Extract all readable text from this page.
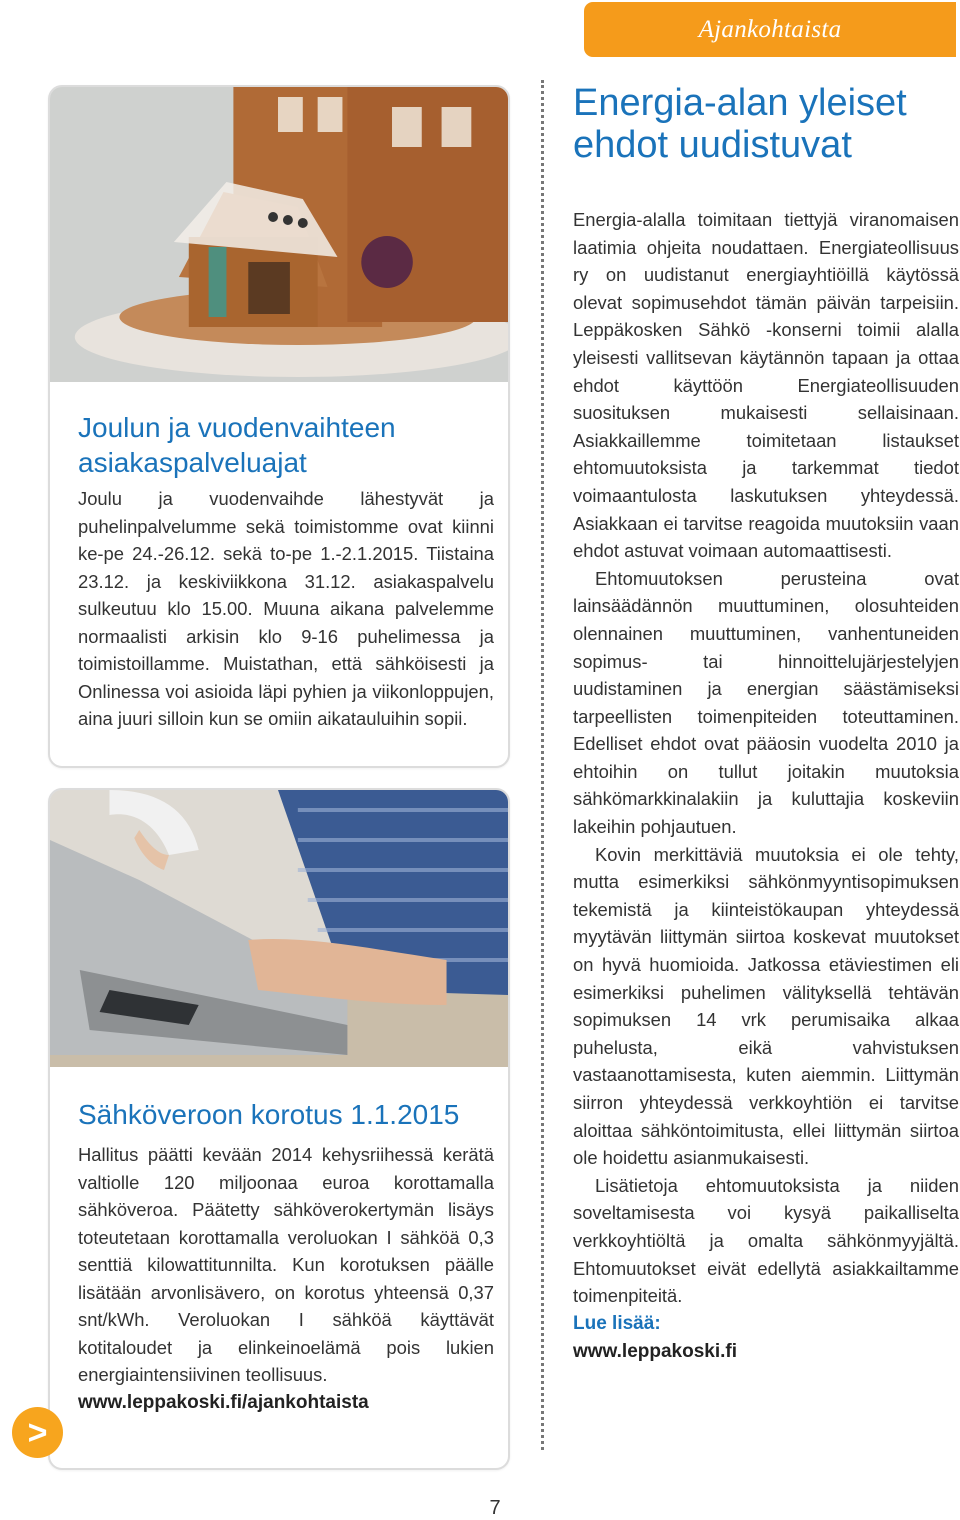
Ajankohtaista
Joulun ja vuodenvaihteen
asiakaspalveluajat

Joulu ja vuodenvaihde lähestyvät ja puhelinpalvelumme sekä toimistomme ovat kiinni ke-pe 24.-26.12. sekä to-pe 1.-2.1.2015. Tiistaina 23.12. ja keskiviikkona 31.12. asiakaspalvelu sulkeutuu klo 15.00. Muuna aikana palvelemme normaalisti arkisin klo 9-16 puhelimessa ja toimistoillamme. Muistathan, että sähköisesti ja Onlinessa voi asioida läpi pyhien ja viikonloppujen, aina juuri silloin kun se omiin aikatauluihin sopii.

Sähköveroon korotus 1.1.2015

Hallitus päätti kevään 2014 kehysriihessä kerätä valtiolle 120 miljoonaa euroa korottamalla sähköveroa. Päätetty sähköverokertymän lisäys toteutetaan korottamalla veroluokan I sähköä 0,3 senttiä kilowattitunnilta. Kun korotuksen päälle lisätään arvonlisävero, on korotus yhteensä 0,37 snt/kWh. Veroluokan I sähköä käyttävät kotitaloudet ja elinkeinoelämä pois lukien energiaintensiivinen teollisuus.

www.leppakoski.fi/ajankohtaista
>
Energia-alan yleiset
ehdot uudistuvat

Energia-alalla toimitaan tiettyjä viranomaisen laatimia ohjeita noudattaen. Energiateollisuus ry on uudistanut energiayhtiöillä käytössä olevat sopimusehdot tämän päivän tarpeisiin. Leppäkosken Sähkö -konserni toimii alalla yleisesti vallitsevan käytännön tapaan ja ottaa ehdot käyttöön Energiateollisuuden suosituksen mukaisesti sellaisinaan. Asiakkaillemme toimitetaan listaukset ehtomuutoksista ja tarkemmat tiedot voimaantulosta laskutuksen yhteydessä. Asiakkaan ei tarvitse reagoida muutoksiin vaan ehdot astuvat voimaan automaattisesti.

Ehtomuutoksen perusteina ovat lainsäädännön muuttuminen, olosuhteiden olennainen muuttuminen, vanhentuneiden sopimus- tai hinnoittelujärjestelyjen uudistaminen ja energian säästämiseksi tarpeellisten toimenpiteiden toteuttaminen. Edelliset ehdot ovat pääosin vuodelta 2010 ja ehtoihin on tullut joitakin muutoksia sähkömarkkinalakiin ja kuluttajia koskeviin lakeihin pohjautuen.

Kovin merkittäviä muutoksia ei ole tehty, mutta esimerkiksi sähkönmyyntisopimuksen tekemistä ja kiinteistökaupan yhteydessä myytävän liittymän siirtoa koskevat muutokset on hyvä huomioida. Jatkossa etäviestimen eli esimerkiksi puhelimen välityksellä tehtävän sopimuksen 14 vrk perumisaika alkaa puhelusta, eikä vahvistuksen vastaanottamisesta, kuten aiemmin. Liittymän siirron yhteydessä verkkoyhtiön ei tarvitse aloittaa sähköntoimitusta, ellei liittymän siirtoa ole hoidettu asianmukaisesti.

Lisätietoja ehtomuutoksista ja niiden soveltamisesta voi kysyä paikalliselta verkkoyhtiöltä ja omalta sähkönmyyjältä. Ehtomuutokset eivät edellytä asiakkailtamme toimenpiteitä.

Lue lisää:
www.leppakoski.fi
7
